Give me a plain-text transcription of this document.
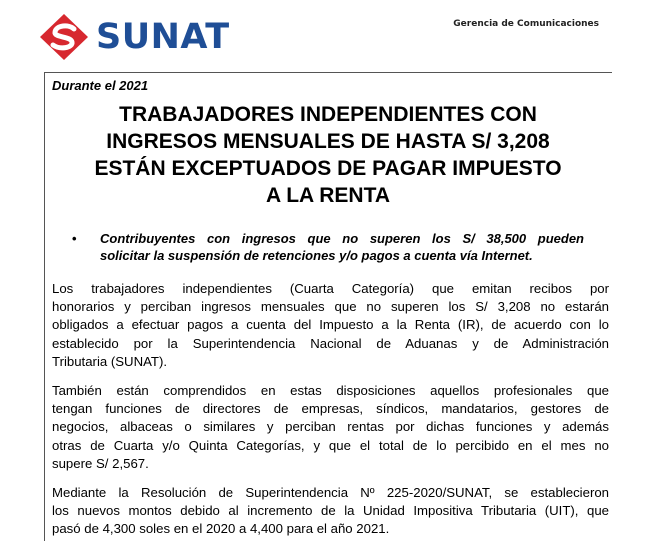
SUNAT	Gerencia de Comunicaciones
Durante el 2021
TRABAJADORES INDEPENDIENTES CON
INGRESOS MENSUALES DE HASTA S/ 3,208
ESTÁN EXCEPTUADOS DE PAGAR IMPUESTO
A LA RENTA
• Contribuyentes con ingresos que no superen los S/ 38,500 pueden
solicitar la suspensión de retenciones y/o pagos a cuenta vía Internet.
Los trabajadores independientes (Cuarta Categoría) que emitan recibos por
honorarios y perciban ingresos mensuales que no superen los S/ 3,208 no estarán
obligados a efectuar pagos a cuenta del Impuesto a la Renta (IR), de acuerdo con lo
establecido por la Superintendencia Nacional de Aduanas y de Administración
Tributaria (SUNAT).
También están comprendidos en estas disposiciones aquellos profesionales que
tengan funciones de directores de empresas, síndicos, mandatarios, gestores de
negocios, albaceas o similares y perciban rentas por dichas funciones y además
otras de Cuarta y/o Quinta Categorías, y que el total de lo percibido en el mes no
supere S/ 2,567.
Mediante la Resolución de Superintendencia Nº 225-2020/SUNAT, se establecieron
los nuevos montos debido al incremento de la Unidad Impositiva Tributaria (UIT), que
pasó de 4,300 soles en el 2020 a 4,400 para el año 2021.
